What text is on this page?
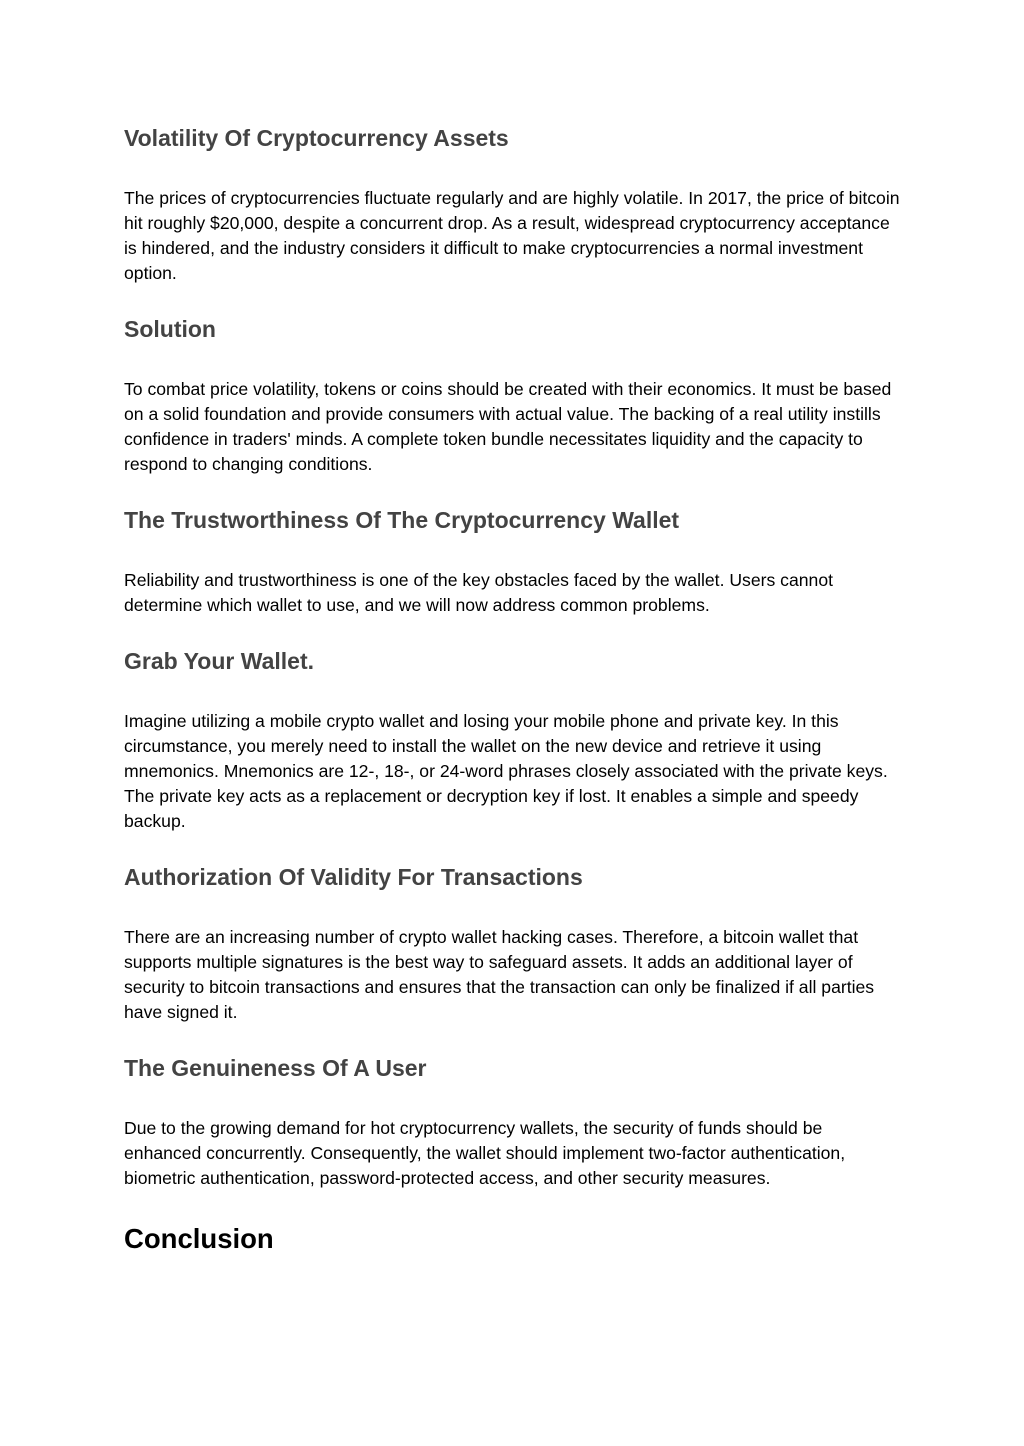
Volatility Of Cryptocurrency Assets

The prices of cryptocurrencies fluctuate regularly and are highly volatile. In 2017, the price of bitcoin hit roughly $20,000, despite a concurrent drop. As a result, widespread cryptocurrency acceptance is hindered, and the industry considers it difficult to make cryptocurrencies a normal investment option.

Solution

To combat price volatility, tokens or coins should be created with their economics. It must be based on a solid foundation and provide consumers with actual value. The backing of a real utility instills confidence in traders' minds. A complete token bundle necessitates liquidity and the capacity to respond to changing conditions.

The Trustworthiness Of The Cryptocurrency Wallet

Reliability and trustworthiness is one of the key obstacles faced by the wallet. Users cannot determine which wallet to use, and we will now address common problems.

Grab Your Wallet.

Imagine utilizing a mobile crypto wallet and losing your mobile phone and private key. In this circumstance, you merely need to install the wallet on the new device and retrieve it using mnemonics. Mnemonics are 12-, 18-, or 24-word phrases closely associated with the private keys. The private key acts as a replacement or decryption key if lost. It enables a simple and speedy backup.

Authorization Of Validity For Transactions

There are an increasing number of crypto wallet hacking cases. Therefore, a bitcoin wallet that supports multiple signatures is the best way to safeguard assets. It adds an additional layer of security to bitcoin transactions and ensures that the transaction can only be finalized if all parties have signed it.

The Genuineness Of A User

Due to the growing demand for hot cryptocurrency wallets, the security of funds should be enhanced concurrently. Consequently, the wallet should implement two-factor authentication, biometric authentication, password-protected access, and other security measures.

Conclusion
